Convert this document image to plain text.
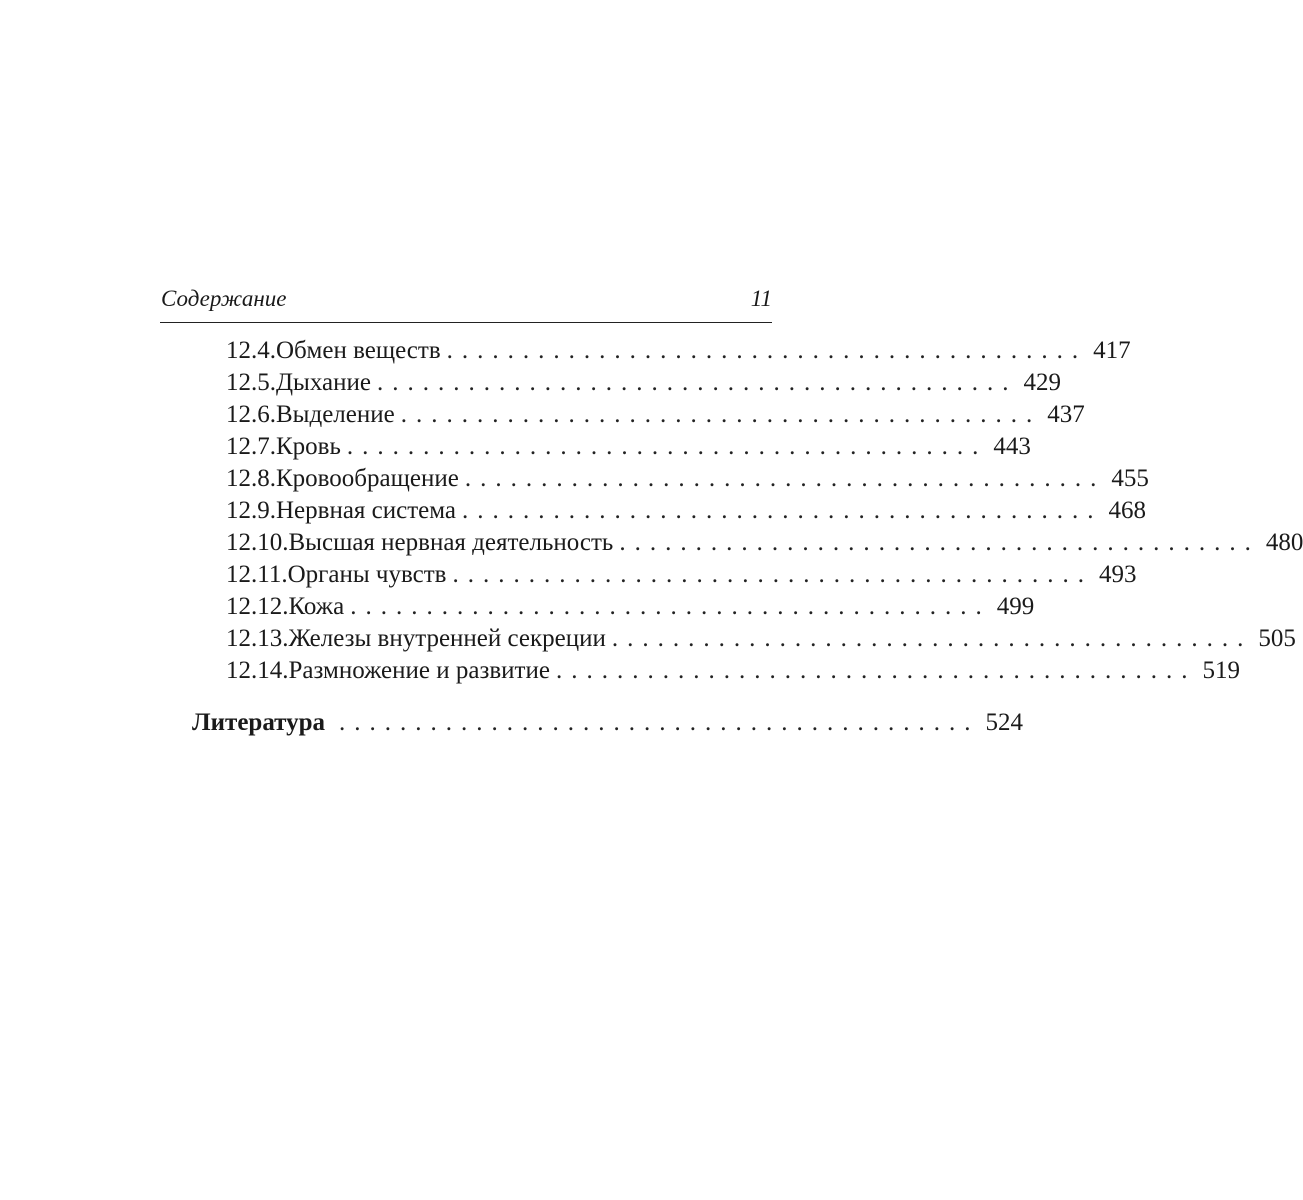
Содержание	11
12.4. Обмен веществ .......................................... 417
12.5. Дыхание .......................................... 429
12.6. Выделение .......................................... 437
12.7. Кровь .......................................... 443
12.8. Кровообращение .......................................... 455
12.9. Нервная система .......................................... 468
12.10. Высшая нервная деятельность .......................................... 480
12.11. Органы чувств .......................................... 493
12.12. Кожа .......................................... 499
12.13. Железы внутренней секреции .......................................... 505
12.14. Размножение и развитие .......................................... 519
Литература .......................................... 524
